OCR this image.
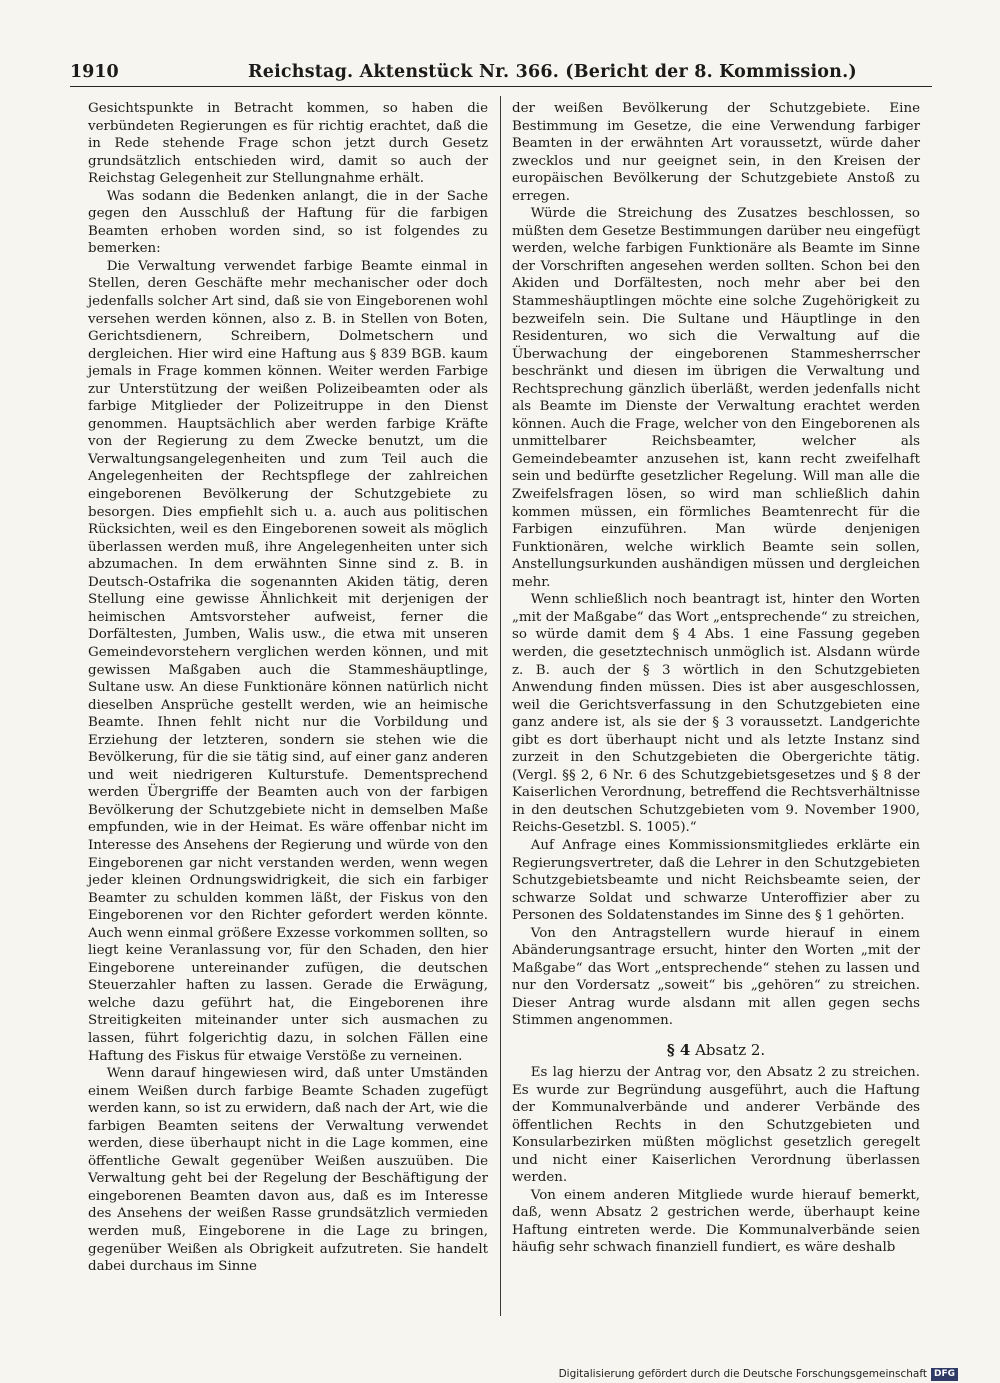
1910	Reichstag. Aktenstück Nr. 366. (Bericht der 8. Kommission.)

Gesichtspunkte in Betracht kommen, so haben die verbündeten Regierungen es für richtig erachtet, daß die in Rede stehende Frage schon jetzt durch Gesetz grundsätzlich entschieden wird, damit so auch der Reichstag Gelegenheit zur Stellungnahme erhält.

Was sodann die Bedenken anlangt, die in der Sache gegen den Ausschluß der Haftung für die farbigen Beamten erhoben worden sind, so ist folgendes zu bemerken:

Die Verwaltung verwendet farbige Beamte einmal in Stellen, deren Geschäfte mehr mechanischer oder doch jedenfalls solcher Art sind, daß sie von Eingeborenen wohl versehen werden können, also z. B. in Stellen von Boten, Gerichtsdienern, Schreibern, Dolmetschern und dergleichen. Hier wird eine Haftung aus § 839 BGB. kaum jemals in Frage kommen können. Weiter werden Farbige zur Unterstützung der weißen Polizeibeamten oder als farbige Mitglieder der Polizeitruppe in den Dienst genommen. Hauptsächlich aber werden farbige Kräfte von der Regierung zu dem Zwecke benutzt, um die Verwaltungsangelegenheiten und zum Teil auch die Angelegenheiten der Rechtspflege der zahlreichen eingeborenen Bevölkerung der Schutzgebiete zu besorgen. Dies empfiehlt sich u. a. auch aus politischen Rücksichten, weil es den Eingeborenen soweit als möglich überlassen werden muß, ihre Angelegenheiten unter sich abzumachen. In dem erwähnten Sinne sind z. B. in Deutsch-Ostafrika die sogenannten Akiden tätig, deren Stellung eine gewisse Ähnlichkeit mit derjenigen der heimischen Amtsvorsteher aufweist, ferner die Dorfältesten, Jumben, Walis usw., die etwa mit unseren Gemeindevorstehern verglichen werden können, und mit gewissen Maßgaben auch die Stammeshäuptlinge, Sultane usw. An diese Funktionäre können natürlich nicht dieselben Ansprüche gestellt werden, wie an heimische Beamte. Ihnen fehlt nicht nur die Vorbildung und Erziehung der letzteren, sondern sie stehen wie die Bevölkerung, für die sie tätig sind, auf einer ganz anderen und weit niedrigeren Kulturstufe. Dementsprechend werden Übergriffe der Beamten auch von der farbigen Bevölkerung der Schutzgebiete nicht in demselben Maße empfunden, wie in der Heimat. Es wäre offenbar nicht im Interesse des Ansehens der Regierung und würde von den Eingeborenen gar nicht verstanden werden, wenn wegen jeder kleinen Ordnungswidrigkeit, die sich ein farbiger Beamter zu schulden kommen läßt, der Fiskus von den Eingeborenen vor den Richter gefordert werden könnte. Auch wenn einmal größere Exzesse vorkommen sollten, so liegt keine Veranlassung vor, für den Schaden, den hier Eingeborene untereinander zufügen, die deutschen Steuerzahler haften zu lassen. Gerade die Erwägung, welche dazu geführt hat, die Eingeborenen ihre Streitigkeiten miteinander unter sich ausmachen zu lassen, führt folgerichtig dazu, in solchen Fällen eine Haftung des Fiskus für etwaige Verstöße zu verneinen.

Wenn darauf hingewiesen wird, daß unter Umständen einem Weißen durch farbige Beamte Schaden zugefügt werden kann, so ist zu erwidern, daß nach der Art, wie die farbigen Beamten seitens der Verwaltung verwendet werden, diese überhaupt nicht in die Lage kommen, eine öffentliche Gewalt gegenüber Weißen auszuüben. Die Verwaltung geht bei der Regelung der Beschäftigung der eingeborenen Beamten davon aus, daß es im Interesse des Ansehens der weißen Rasse grundsätzlich vermieden werden muß, Eingeborene in die Lage zu bringen, gegenüber Weißen als Obrigkeit aufzutreten. Sie handelt dabei durchaus im Sinne

der weißen Bevölkerung der Schutzgebiete. Eine Bestimmung im Gesetze, die eine Verwendung farbiger Beamten in der erwähnten Art voraussetzt, würde daher zwecklos und nur geeignet sein, in den Kreisen der europäischen Bevölkerung der Schutzgebiete Anstoß zu erregen.

Würde die Streichung des Zusatzes beschlossen, so müßten dem Gesetze Bestimmungen darüber neu eingefügt werden, welche farbigen Funktionäre als Beamte im Sinne der Vorschriften angesehen werden sollten. Schon bei den Akiden und Dorfältesten, noch mehr aber bei den Stammeshäuptlingen möchte eine solche Zugehörigkeit zu bezweifeln sein. Die Sultane und Häuptlinge in den Residenturen, wo sich die Verwaltung auf die Überwachung der eingeborenen Stammesherrscher beschränkt und diesen im übrigen die Verwaltung und Rechtsprechung gänzlich überläßt, werden jedenfalls nicht als Beamte im Dienste der Verwaltung erachtet werden können. Auch die Frage, welcher von den Eingeborenen als unmittelbarer Reichsbeamter, welcher als Gemeindebeamter anzusehen ist, kann recht zweifelhaft sein und bedürfte gesetzlicher Regelung. Will man alle die Zweifelsfragen lösen, so wird man schließlich dahin kommen müssen, ein förmliches Beamtenrecht für die Farbigen einzuführen. Man würde denjenigen Funktionären, welche wirklich Beamte sein sollen, Anstellungsurkunden aushändigen müssen und dergleichen mehr.

Wenn schließlich noch beantragt ist, hinter den Worten „mit der Maßgabe“ das Wort „entsprechende“ zu streichen, so würde damit dem § 4 Abs. 1 eine Fassung gegeben werden, die gesetztechnisch unmöglich ist. Alsdann würde z. B. auch der § 3 wörtlich in den Schutzgebieten Anwendung finden müssen. Dies ist aber ausgeschlossen, weil die Gerichtsverfassung in den Schutzgebieten eine ganz andere ist, als sie der § 3 voraussetzt. Landgerichte gibt es dort überhaupt nicht und als letzte Instanz sind zurzeit in den Schutzgebieten die Obergerichte tätig. (Vergl. §§ 2, 6 Nr. 6 des Schutzgebietsgesetzes und § 8 der Kaiserlichen Verordnung, betreffend die Rechtsverhältnisse in den deutschen Schutzgebieten vom 9. November 1900, Reichs-Gesetzbl. S. 1005).“

Auf Anfrage eines Kommissionsmitgliedes erklärte ein Regierungsvertreter, daß die Lehrer in den Schutzgebieten Schutzgebietsbeamte und nicht Reichsbeamte seien, der schwarze Soldat und schwarze Unteroffizier aber zu Personen des Soldatenstandes im Sinne des § 1 gehörten.

Von den Antragstellern wurde hierauf in einem Abänderungsantrage ersucht, hinter den Worten „mit der Maßgabe“ das Wort „entsprechende“ stehen zu lassen und nur den Vordersatz „soweit“ bis „gehören“ zu streichen. Dieser Antrag wurde alsdann mit allen gegen sechs Stimmen angenommen.

§ 4 Absatz 2.

Es lag hierzu der Antrag vor, den Absatz 2 zu streichen. Es wurde zur Begründung ausgeführt, auch die Haftung der Kommunalverbände und anderer Verbände des öffentlichen Rechts in den Schutzgebieten und Konsularbezirken müßten möglichst gesetzlich geregelt und nicht einer Kaiserlichen Verordnung überlassen werden.

Von einem anderen Mitgliede wurde hierauf bemerkt, daß, wenn Absatz 2 gestrichen werde, überhaupt keine Haftung eintreten werde. Die Kommunalverbände seien häufig sehr schwach finanziell fundiert, es wäre deshalb

Digitalisierung gefördert durch die Deutsche Forschungsgemeinschaft DFG
